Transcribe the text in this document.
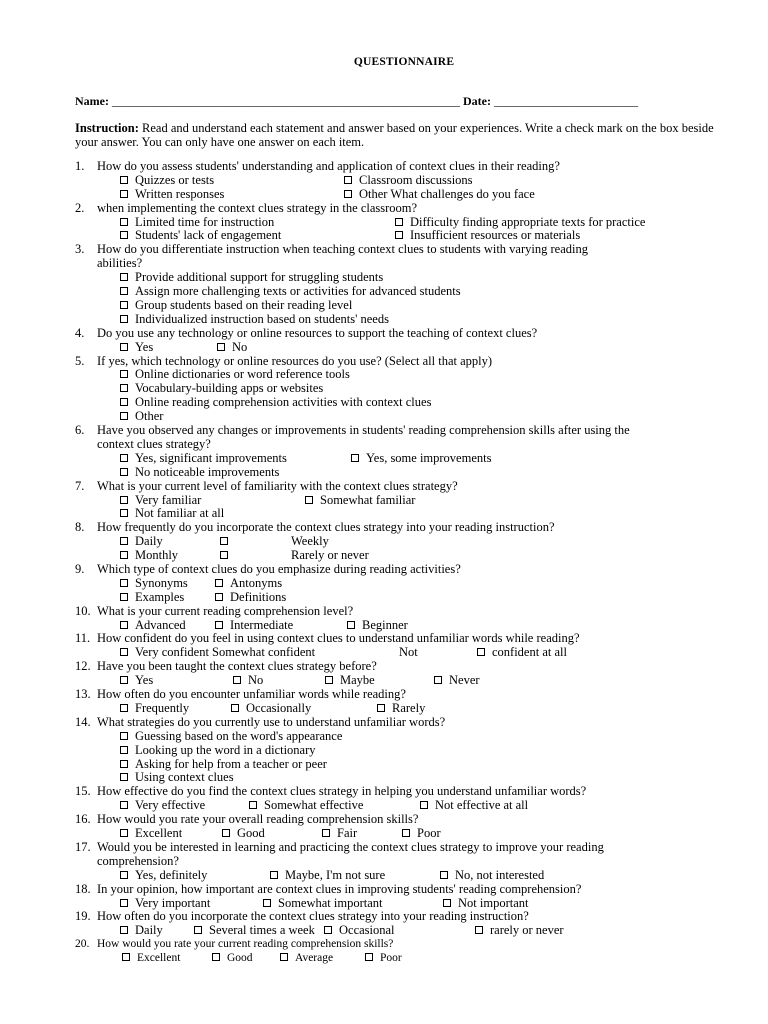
QUESTIONNAIRE
Name: __________________________________________________________ Date: ________________________
Instruction: Read and understand each statement and answer based on your experiences. Write a check mark on the box beside your answer. You can only have one answer on each item.
1. How do you assess students' understanding and application of context clues in their reading?
Quizzes or tests	Classroom discussions
Written responses	Other What challenges do you face
2. when implementing the context clues strategy in the classroom?
Limited time for instruction	Difficulty finding appropriate texts for practice
Students' lack of engagement	Insufficient resources or materials
3. How do you differentiate instruction when teaching context clues to students with varying reading
abilities?
Provide additional support for struggling students
Assign more challenging texts or activities for advanced students
Group students based on their reading level
Individualized instruction based on students' needs
4. Do you use any technology or online resources to support the teaching of context clues?
Yes	No
5. If yes, which technology or online resources do you use? (Select all that apply)
Online dictionaries or word reference tools
Vocabulary-building apps or websites
Online reading comprehension activities with context clues
Other
6. Have you observed any changes or improvements in students' reading comprehension skills after using the
context clues strategy?
Yes, significant improvements	Yes, some improvements
No noticeable improvements
7. What is your current level of familiarity with the context clues strategy?
Very familiar	Somewhat familiar
Not familiar at all
8. How frequently do you incorporate the context clues strategy into your reading instruction?
Daily	Weekly
Monthly	Rarely or never
9. Which type of context clues do you emphasize during reading activities?
Synonyms	Antonyms
Examples	Definitions
10. What is your current reading comprehension level?
Advanced	Intermediate	Beginner
11. How confident do you feel in using context clues to understand unfamiliar words while reading?
Very confident Somewhat confident	Not	confident at all
12. Have you been taught the context clues strategy before?
Yes	No	Maybe	Never
13. How often do you encounter unfamiliar words while reading?
Frequently	Occasionally	Rarely
14. What strategies do you currently use to understand unfamiliar words?
Guessing based on the word's appearance
Looking up the word in a dictionary
Asking for help from a teacher or peer
Using context clues
15. How effective do you find the context clues strategy in helping you understand unfamiliar words?
Very effective	Somewhat effective	Not effective at all
16. How would you rate your overall reading comprehension skills?
Excellent	Good	Fair	Poor
17. Would you be interested in learning and practicing the context clues strategy to improve your reading
comprehension?
Yes, definitely	Maybe, I'm not sure	No, not interested
18. In your opinion, how important are context clues in improving students' reading comprehension?
Very important	Somewhat important	Not important
19. How often do you incorporate the context clues strategy into your reading instruction?
Daily	Several times a week	Occasional	rarely or never
20. How would you rate your current reading comprehension skills?
Excellent	Good	Average	Poor
